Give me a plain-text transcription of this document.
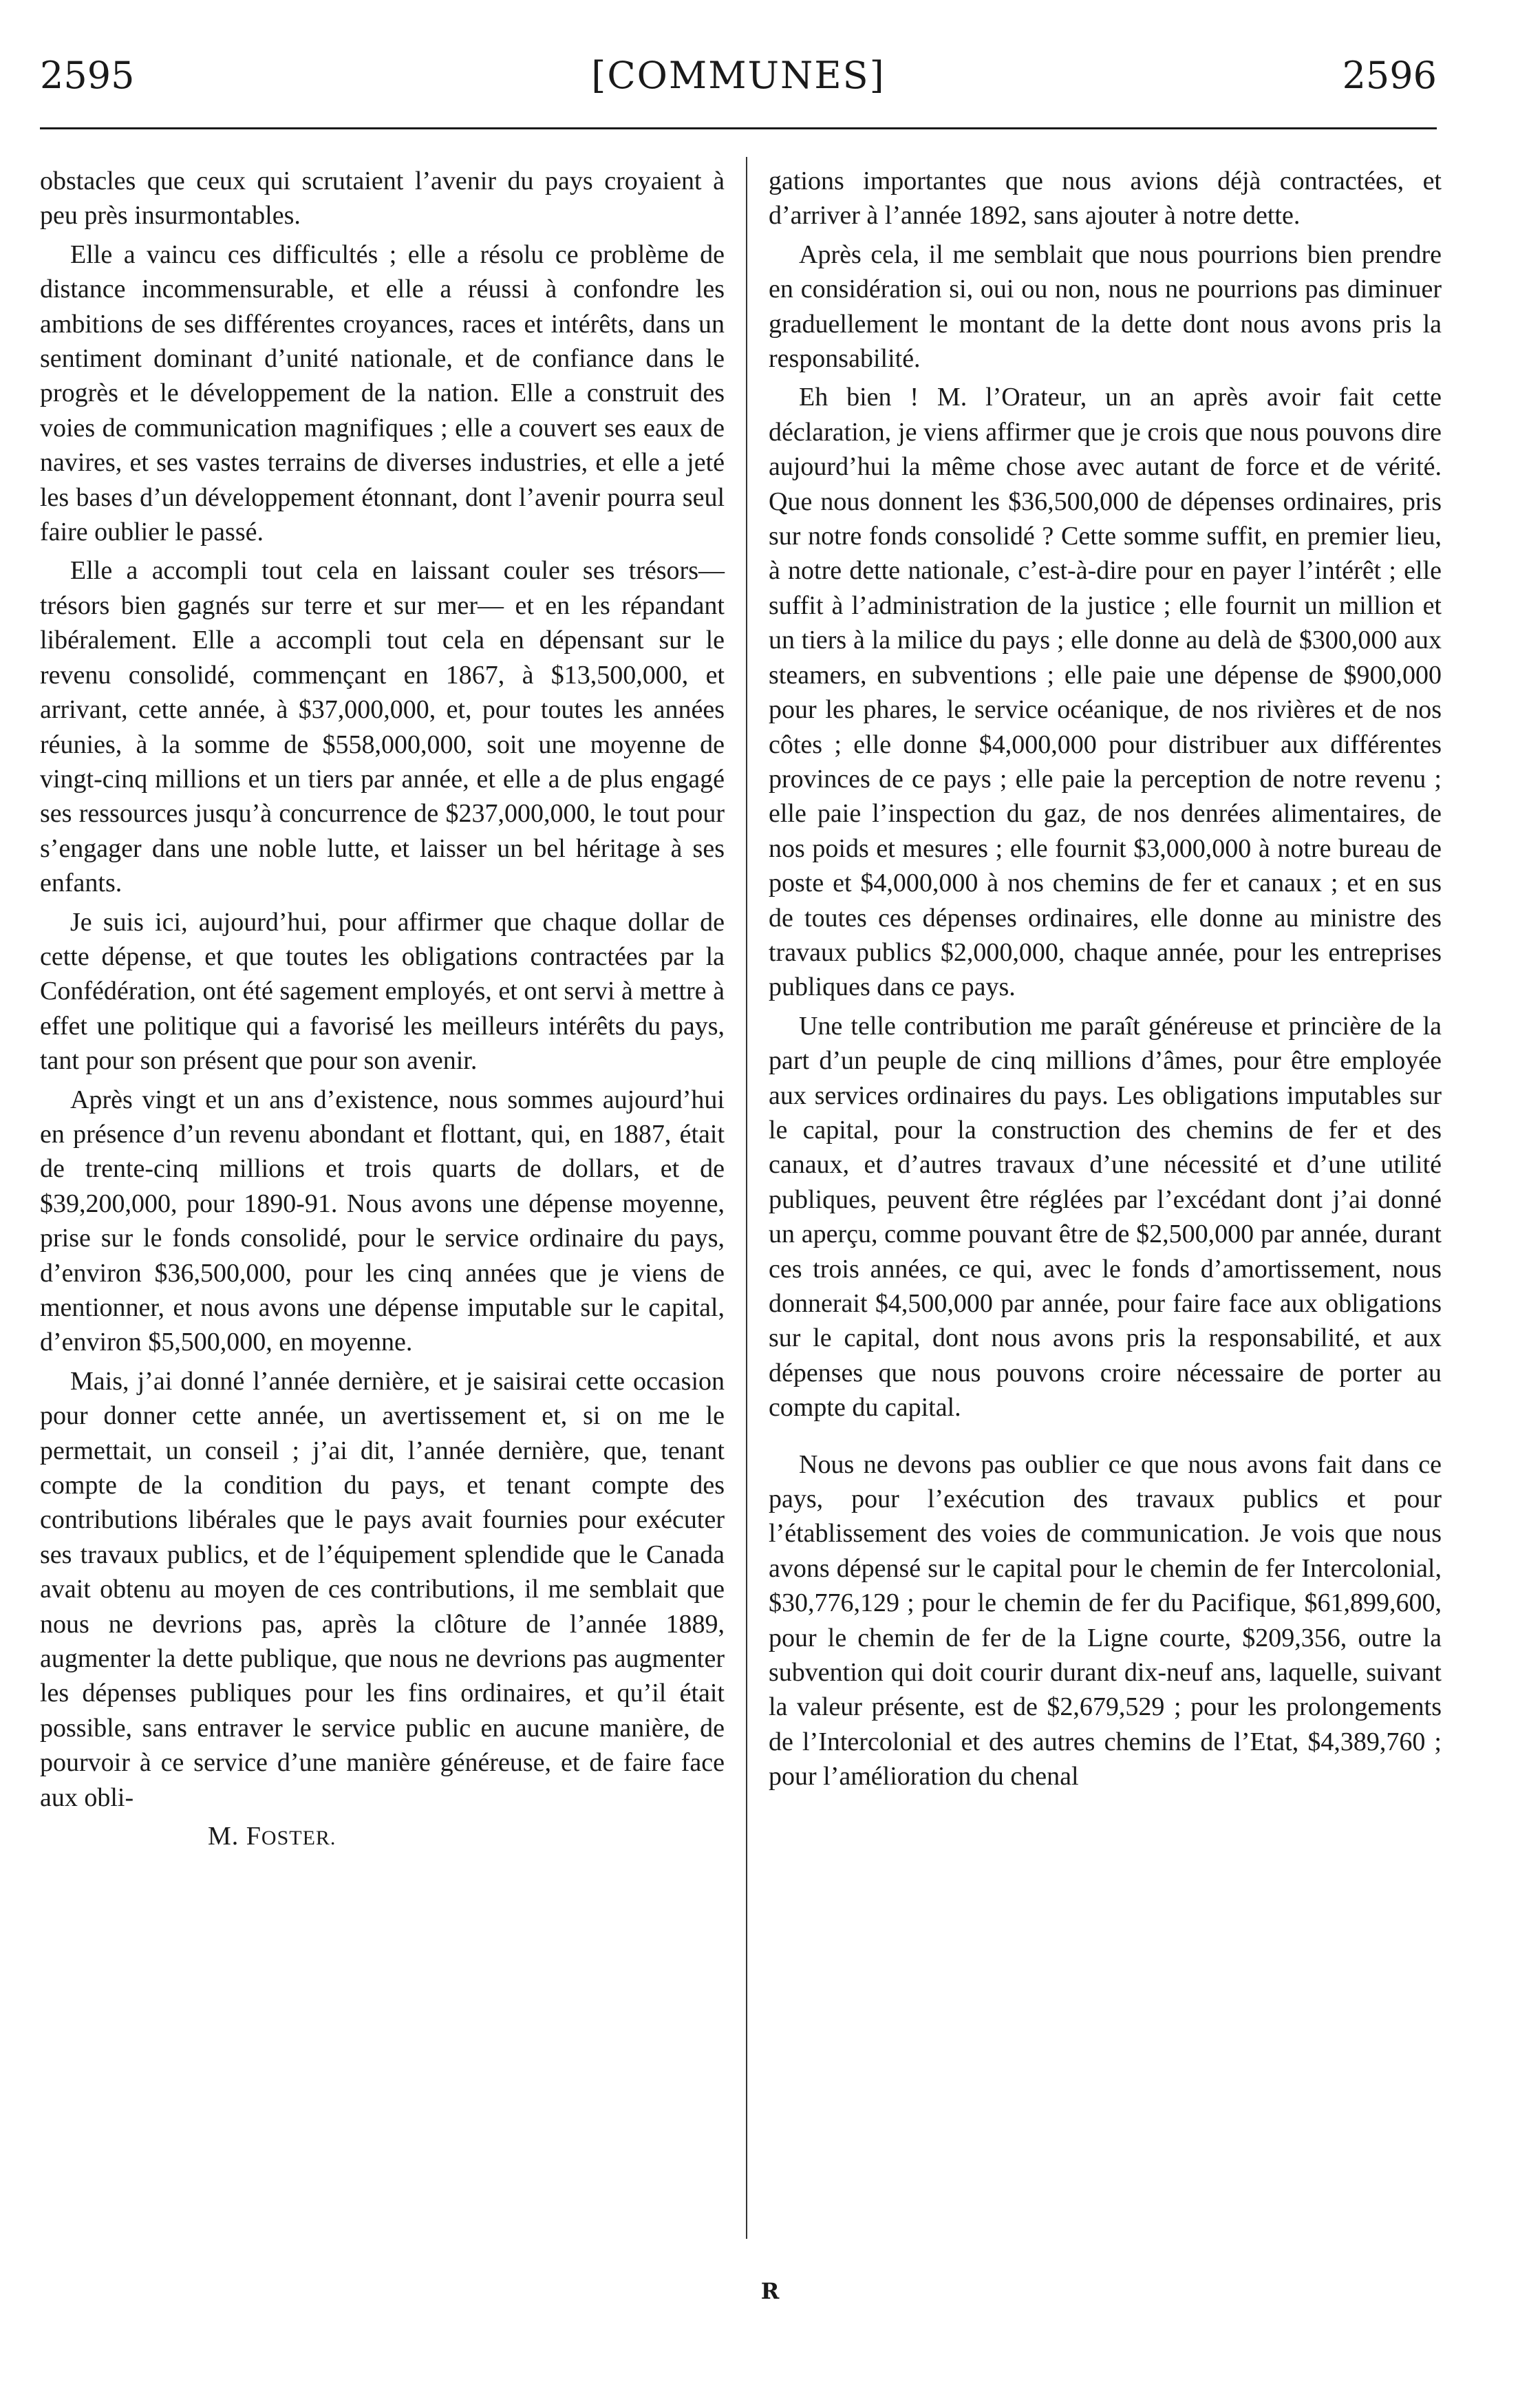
2595	[COMMUNES]	2596

obstacles que ceux qui scrutaient l’avenir du pays croyaient à peu près insurmontables.

Elle a vaincu ces difficultés ; elle a résolu ce problème de distance incommensurable, et elle a réussi à confondre les ambitions de ses différentes croyances, races et intérêts, dans un sentiment dominant d’unité nationale, et de confiance dans le progrès et le développement de la nation. Elle a construit des voies de communication magnifiques ; elle a couvert ses eaux de navires, et ses vastes terrains de diverses industries, et elle a jeté les bases d’un développement étonnant, dont l’avenir pourra seul faire oublier le passé.

Elle a accompli tout cela en laissant couler ses trésors—trésors bien gagnés sur terre et sur mer— et en les répandant libéralement. Elle a accompli tout cela en dépensant sur le revenu consolidé, commençant en 1867, à $13,500,000, et arrivant, cette année, à $37,000,000, et, pour toutes les années réunies, à la somme de $558,000,000, soit une moyenne de vingt-cinq millions et un tiers par année, et elle a de plus engagé ses ressources jusqu’à concurrence de $237,000,000, le tout pour s’engager dans une noble lutte, et laisser un bel héritage à ses enfants.

Je suis ici, aujourd’hui, pour affirmer que chaque dollar de cette dépense, et que toutes les obligations contractées par la Confédération, ont été sagement employés, et ont servi à mettre à effet une politique qui a favorisé les meilleurs intérêts du pays, tant pour son présent que pour son avenir.

Après vingt et un ans d’existence, nous sommes aujourd’hui en présence d’un revenu abondant et flottant, qui, en 1887, était de trente-cinq millions et trois quarts de dollars, et de $39,200,000, pour 1890-91. Nous avons une dépense moyenne, prise sur le fonds consolidé, pour le service ordinaire du pays, d’environ $36,500,000, pour les cinq années que je viens de mentionner, et nous avons une dépense imputable sur le capital, d’environ $5,500,000, en moyenne.

Mais, j’ai donné l’année dernière, et je saisirai cette occasion pour donner cette année, un avertissement et, si on me le permettait, un conseil ; j’ai dit, l’année dernière, que, tenant compte de la condition du pays, et tenant compte des contributions libérales que le pays avait fournies pour exécuter ses travaux publics, et de l’équipement splendide que le Canada avait obtenu au moyen de ces contributions, il me semblait que nous ne devrions pas, après la clôture de l’année 1889, augmenter la dette publique, que nous ne devrions pas augmenter les dépenses publiques pour les fins ordinaires, et qu’il était possible, sans entraver le service public en aucune manière, de pourvoir à ce service d’une manière généreuse, et de faire face aux obli-

M. FOSTER.

gations importantes que nous avions déjà contractées, et d’arriver à l’année 1892, sans ajouter à notre dette.

Après cela, il me semblait que nous pourrions bien prendre en considération si, oui ou non, nous ne pourrions pas diminuer graduellement le montant de la dette dont nous avons pris la responsabilité.

Eh bien ! M. l’Orateur, un an après avoir fait cette déclaration, je viens affirmer que je crois que nous pouvons dire aujourd’hui la même chose avec autant de force et de vérité. Que nous donnent les $36,500,000 de dépenses ordinaires, pris sur notre fonds consolidé ? Cette somme suffit, en premier lieu, à notre dette nationale, c’est-à-dire pour en payer l’intérêt ; elle suffit à l’administration de la justice ; elle fournit un million et un tiers à la milice du pays ; elle donne au delà de $300,000 aux steamers, en subventions ; elle paie une dépense de $900,000 pour les phares, le service océanique, de nos rivières et de nos côtes ; elle donne $4,000,000 pour distribuer aux différentes provinces de ce pays ; elle paie la perception de notre revenu ; elle paie l’inspection du gaz, de nos denrées alimentaires, de nos poids et mesures ; elle fournit $3,000,000 à notre bureau de poste et $4,000,000 à nos chemins de fer et canaux ; et en sus de toutes ces dépenses ordinaires, elle donne au ministre des travaux publics $2,000,000, chaque année, pour les entreprises publiques dans ce pays.

Une telle contribution me paraît généreuse et princière de la part d’un peuple de cinq millions d’âmes, pour être employée aux services ordinaires du pays. Les obligations imputables sur le capital, pour la construction des chemins de fer et des canaux, et d’autres travaux d’une nécessité et d’une utilité publiques, peuvent être réglées par l’excédant dont j’ai donné un aperçu, comme pouvant être de $2,500,000 par année, durant ces trois années, ce qui, avec le fonds d’amortissement, nous donnerait $4,500,000 par année, pour faire face aux obligations sur le capital, dont nous avons pris la responsabilité, et aux dépenses que nous pouvons croire nécessaire de porter au compte du capital.

Nous ne devons pas oublier ce que nous avons fait dans ce pays, pour l’exécution des travaux publics et pour l’établissement des voies de communication. Je vois que nous avons dépensé sur le capital pour le chemin de fer Intercolonial, $30,776,129 ; pour le chemin de fer du Pacifique, $61,899,600, pour le chemin de fer de la Ligne courte, $209,356, outre la subvention qui doit courir durant dix-neuf ans, laquelle, suivant la valeur présente, est de $2,679,529 ; pour les prolongements de l’Intercolonial et des autres chemins de l’Etat, $4,389,760 ; pour l’amélioration du chenal

R
